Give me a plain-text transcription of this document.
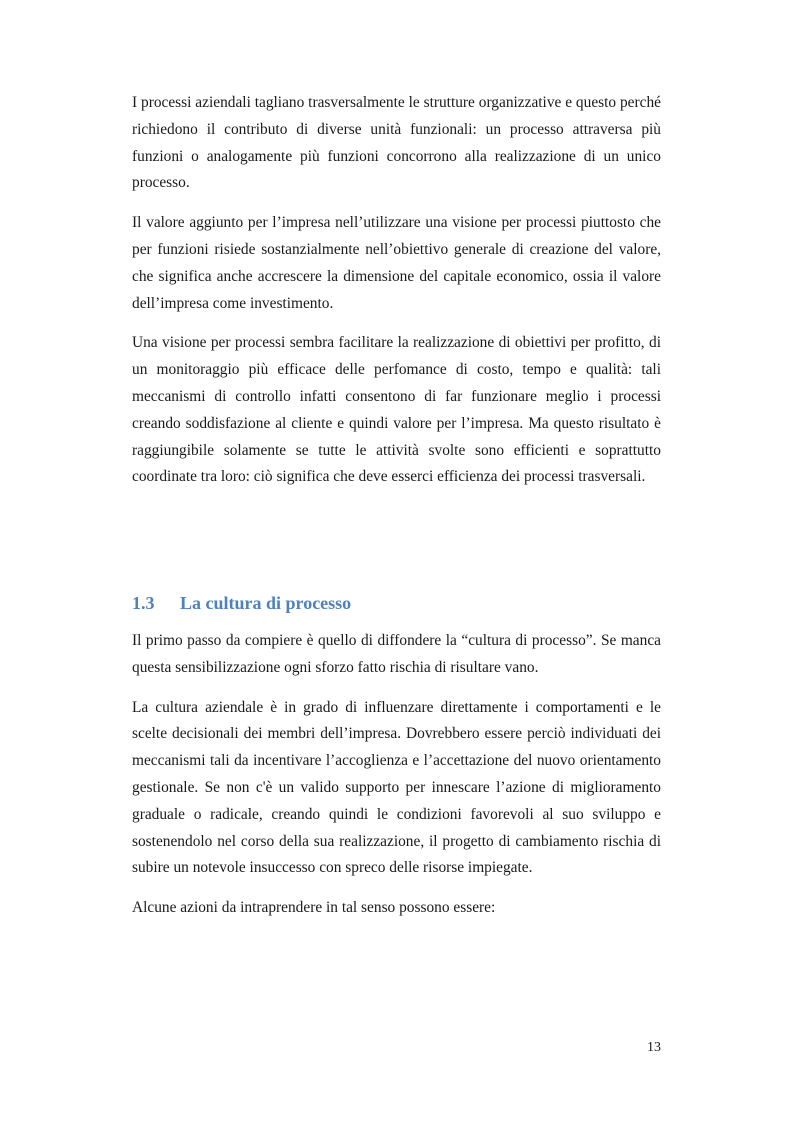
I processi aziendali tagliano trasversalmente le strutture organizzative e questo perché richiedono il contributo di diverse unità funzionali: un processo attraversa più funzioni o analogamente più funzioni concorrono alla realizzazione di un unico processo.

Il valore aggiunto per l’impresa nell’utilizzare una visione per processi piuttosto che per funzioni risiede sostanzialmente nell’obiettivo generale di creazione del valore, che significa anche accrescere la dimensione del capitale economico, ossia il valore dell’impresa come investimento.

Una visione per processi sembra facilitare la realizzazione di obiettivi per profitto, di un monitoraggio più efficace delle perfomance di costo, tempo e qualità: tali meccanismi di controllo infatti consentono di far funzionare meglio i processi creando soddisfazione al cliente e quindi valore per l’impresa. Ma questo risultato è raggiungibile solamente se tutte le attività svolte sono efficienti e soprattutto coordinate tra loro: ciò significa che deve esserci efficienza dei processi trasversali.

1.3 La cultura di processo

Il primo passo da compiere è quello di diffondere la “cultura di processo”. Se manca questa sensibilizzazione ogni sforzo fatto rischia di risultare vano.

La cultura aziendale è in grado di influenzare direttamente i comportamenti e le scelte decisionali dei membri dell’impresa. Dovrebbero essere perciò individuati dei meccanismi tali da incentivare l’accoglienza e l’accettazione del nuovo orientamento gestionale. Se non c'è un valido supporto per innescare l’azione di miglioramento graduale o radicale, creando quindi le condizioni favorevoli al suo sviluppo e sostenendolo nel corso della sua realizzazione, il progetto di cambiamento rischia di subire un notevole insuccesso con spreco delle risorse impiegate.

Alcune azioni da intraprendere in tal senso possono essere:

13
